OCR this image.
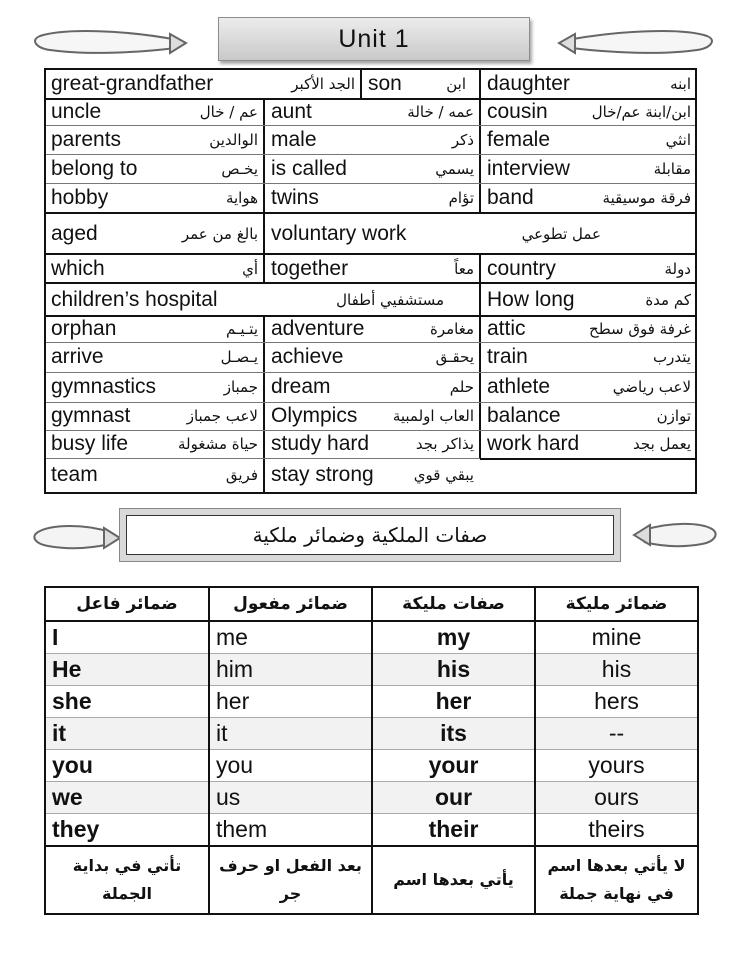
Unit 1
great-grandfather	الجد الأكبر son	ابن daughter	ابنه
uncle	عم / خال aunt	عمه / خالة cousin	ابن/ابنة عم/خال
parents	الوالدين male	ذكر female	انثي
belong to	يخـص is called	يسمي interview	مقابلة
hobby	هواية twins	تؤام band	فرقة موسيقية
aged	بالغ من عمر voluntary work	عمل تطوعي
which	أي together	معاً country	دولة
children’s hospital	مستشفيي أطفال How long	كم مدة
orphan	يتـيـم adventure	مغامرة attic	غرفة فوق سطح
arrive	يـصـل achieve	يحقـق train	يتدرب
gymnastics	جمباز dream	حلم athlete	لاعب رياضي
gymnast	لاعب جمباز Olympics العاب اولمبية balance	توازن
busy life	حياة مشغولة study hard	يذاكر بجد work hard	يعمل بجد
team	فريق stay strong	يبقي قوي
صفات الملكية وضمائر ملكية
ضمائر فاعل	ضمائر مفعول	صفات مليكة	ضمائر مليكة
I	me	my	mine
He	him	his	his
she	her	her	hers
it	it	its	--
you	you	your	yours
we	us	our	ours
they	them	their	theirs
تأتي في بداية الجملة	بعد الفعل او حرف جر	يأتي بعدها اسم	لا يأتي بعدها اسم في نهاية جملة
